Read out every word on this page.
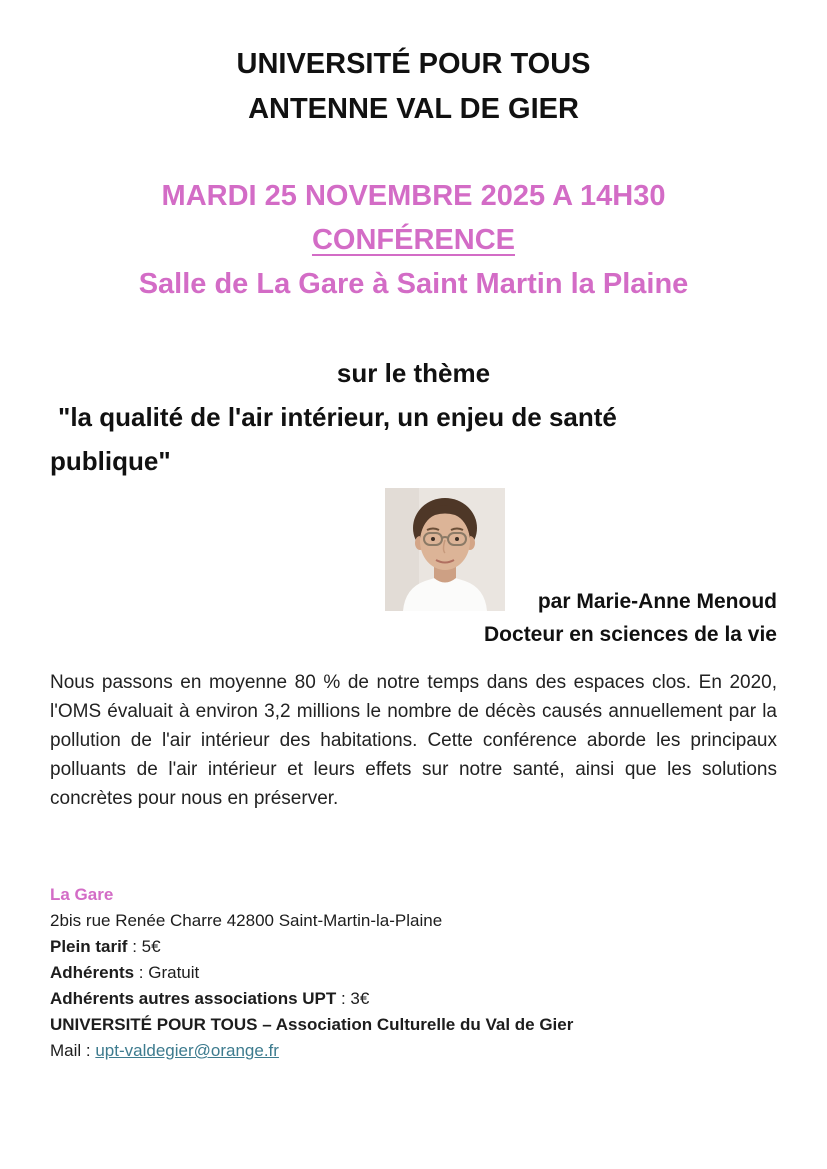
UNIVERSITÉ POUR TOUS
ANTENNE VAL DE GIER
MARDI 25 NOVEMBRE 2025 A 14H30
CONFÉRENCE
Salle de La Gare à Saint Martin la Plaine
sur le thème
"la qualité de l'air intérieur, un enjeu de santé
publique"
par Marie-Anne Menoud
Docteur en sciences de la vie

Nous passons en moyenne 80 % de notre temps dans des espaces clos. En 2020, l'OMS évaluait à environ 3,2 millions le nombre de décès causés annuellement par la pollution de l'air intérieur des habitations. Cette conférence aborde les principaux polluants de l'air intérieur et leurs effets sur notre santé, ainsi que les solutions concrètes pour nous en préserver.

La Gare
2bis rue Renée Charre 42800 Saint-Martin-la-Plaine
Plein tarif : 5€
Adhérents : Gratuit
Adhérents autres associations UPT : 3€
UNIVERSITÉ POUR TOUS – Association Culturelle du Val de Gier
Mail : upt-valdegier@orange.fr
